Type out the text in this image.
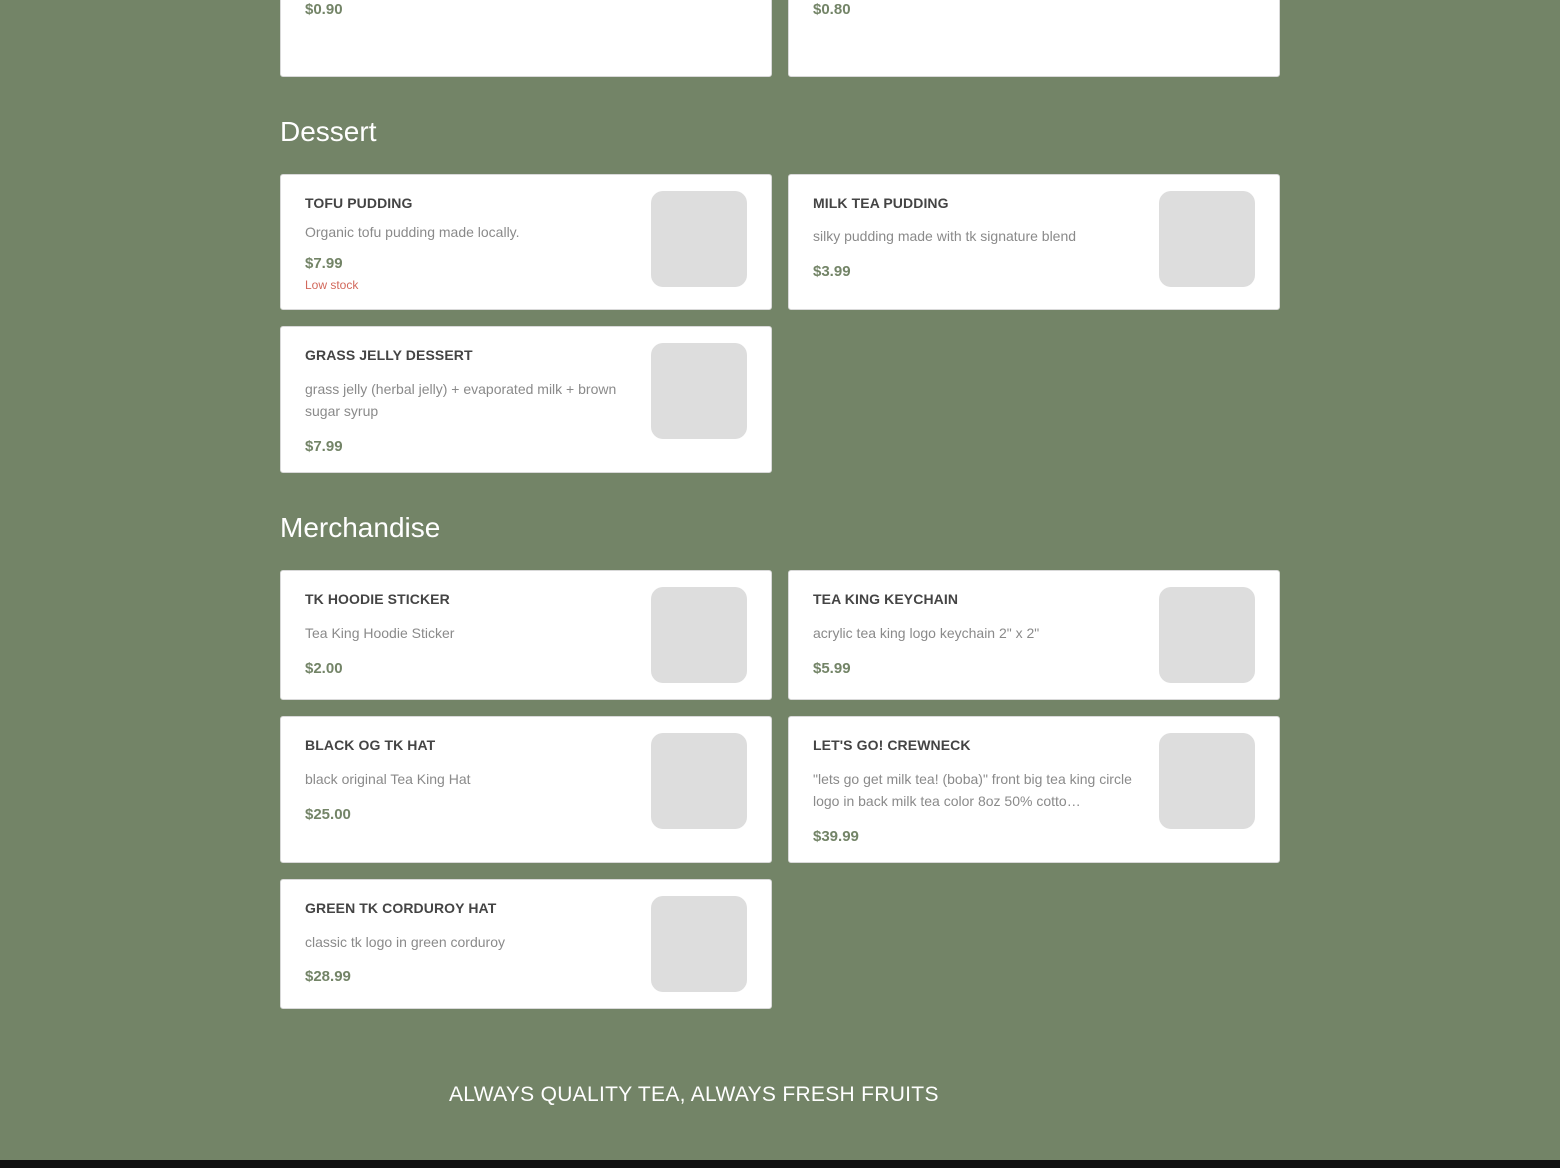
$0.90	$0.80
Dessert
TOFU PUDDING
Organic tofu pudding made locally.
$7.99
Low stock
MILK TEA PUDDING
silky pudding made with tk signature blend
$3.99
GRASS JELLY DESSERT
grass jelly (herbal jelly) + evaporated milk + brown sugar syrup
$7.99
Merchandise
TK HOODIE STICKER
Tea King Hoodie Sticker
$2.00
TEA KING KEYCHAIN
acrylic tea king logo keychain 2" x 2"
$5.99
BLACK OG TK HAT
black original Tea King Hat
$25.00
LET'S GO! CREWNECK
"lets go get milk tea! (boba)" front big tea king circle logo in back milk tea color 8oz 50% cotto…
$39.99
GREEN TK CORDUROY HAT
classic tk logo in green corduroy
$28.99
ALWAYS QUALITY TEA, ALWAYS FRESH FRUITS
